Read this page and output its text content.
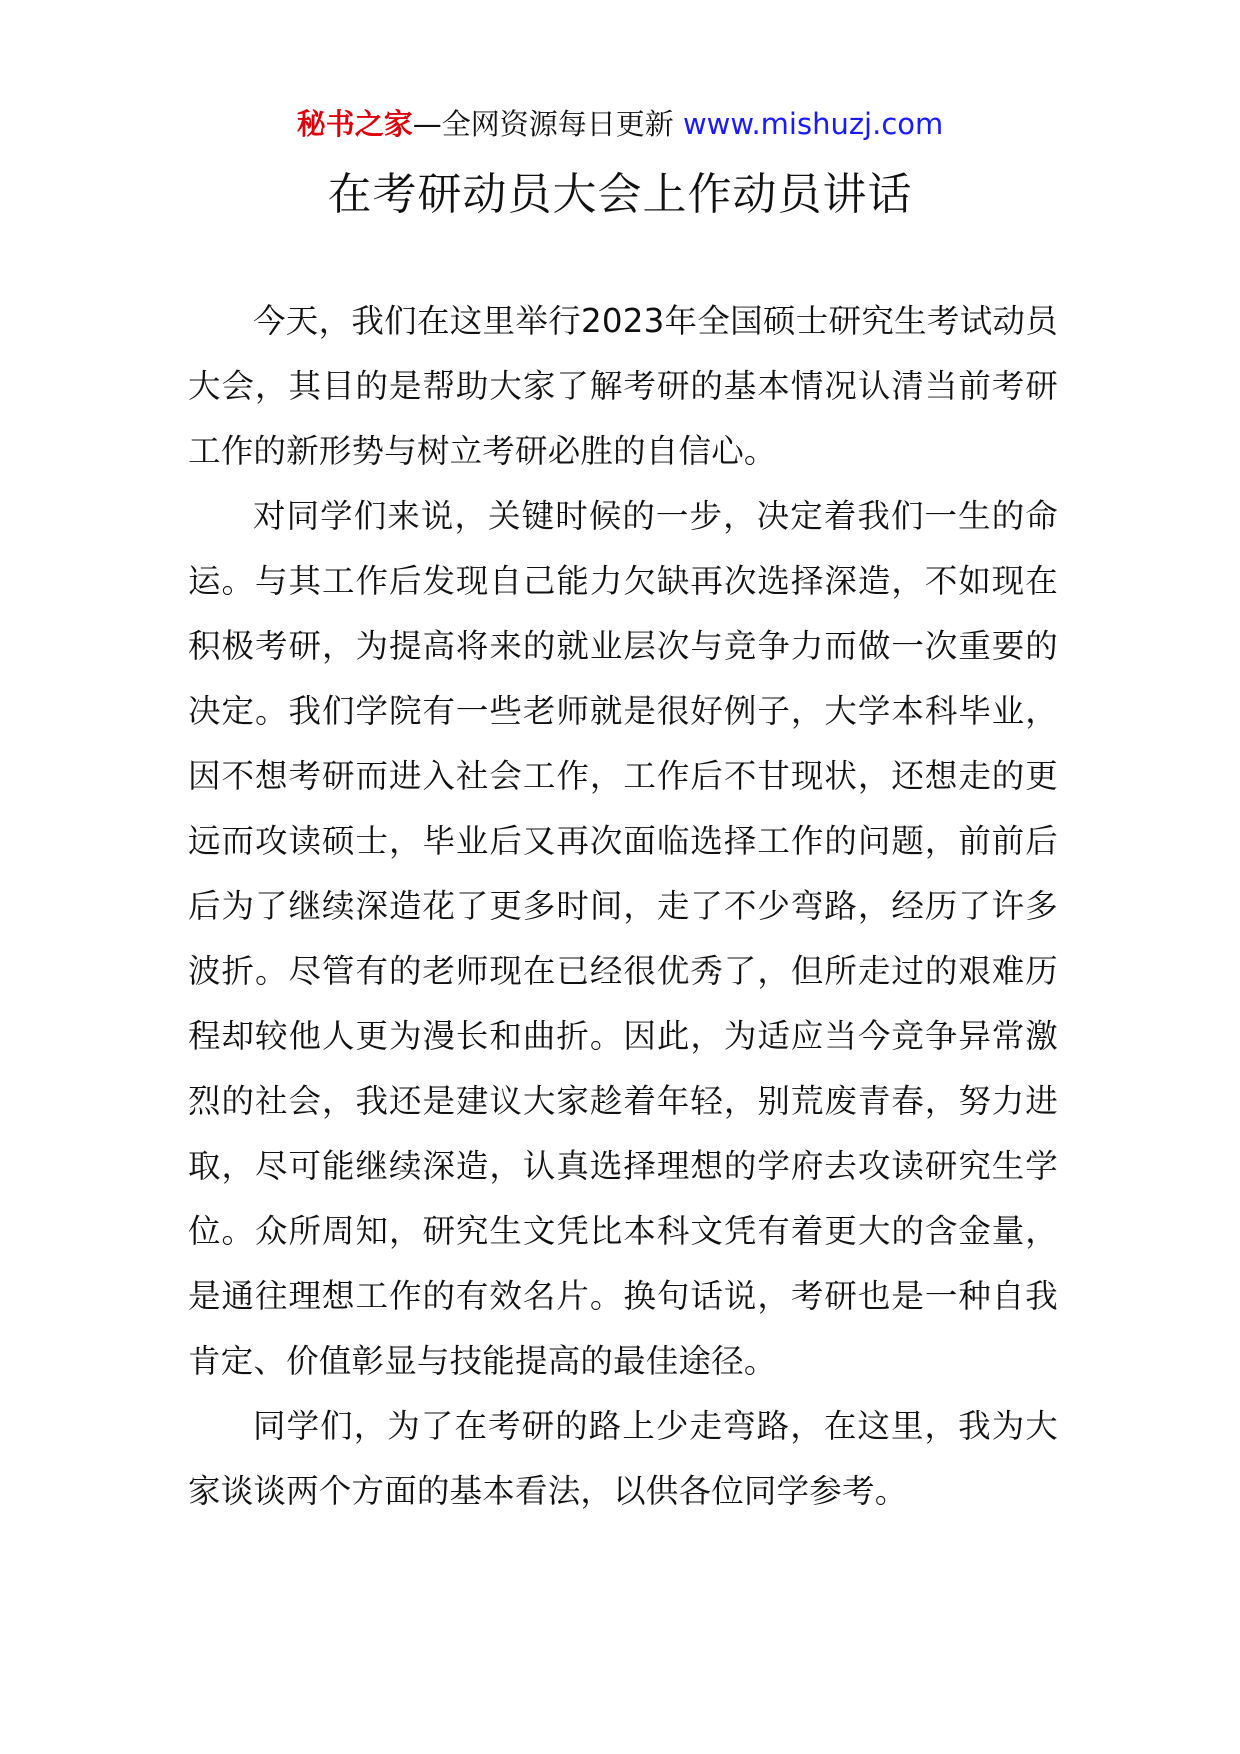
秘书之家—全网资源每日更新 www.mishuzj.com
在考研动员大会上作动员讲话

今天，我们在这里举行2023年全国硕士研究生考试动员大会，其目的是帮助大家了解考研的基本情况认清当前考研工作的新形势与树立考研必胜的自信心。

对同学们来说，关键时候的一步，决定着我们一生的命运。与其工作后发现自己能力欠缺再次选择深造，不如现在积极考研，为提高将来的就业层次与竞争力而做一次重要的决定。我们学院有一些老师就是很好例子，大学本科毕业，因不想考研而进入社会工作，工作后不甘现状，还想走的更远而攻读硕士，毕业后又再次面临选择工作的问题，前前后后为了继续深造花了更多时间，走了不少弯路，经历了许多波折。尽管有的老师现在已经很优秀了，但所走过的艰难历程却较他人更为漫长和曲折。因此，为适应当今竞争异常激烈的社会，我还是建议大家趁着年轻，别荒废青春，努力进取，尽可能继续深造，认真选择理想的学府去攻读研究生学位。众所周知，研究生文凭比本科文凭有着更大的含金量，是通往理想工作的有效名片。换句话说，考研也是一种自我肯定、价值彰显与技能提高的最佳途径。

同学们，为了在考研的路上少走弯路，在这里，我为大家谈谈两个方面的基本看法，以供各位同学参考。
